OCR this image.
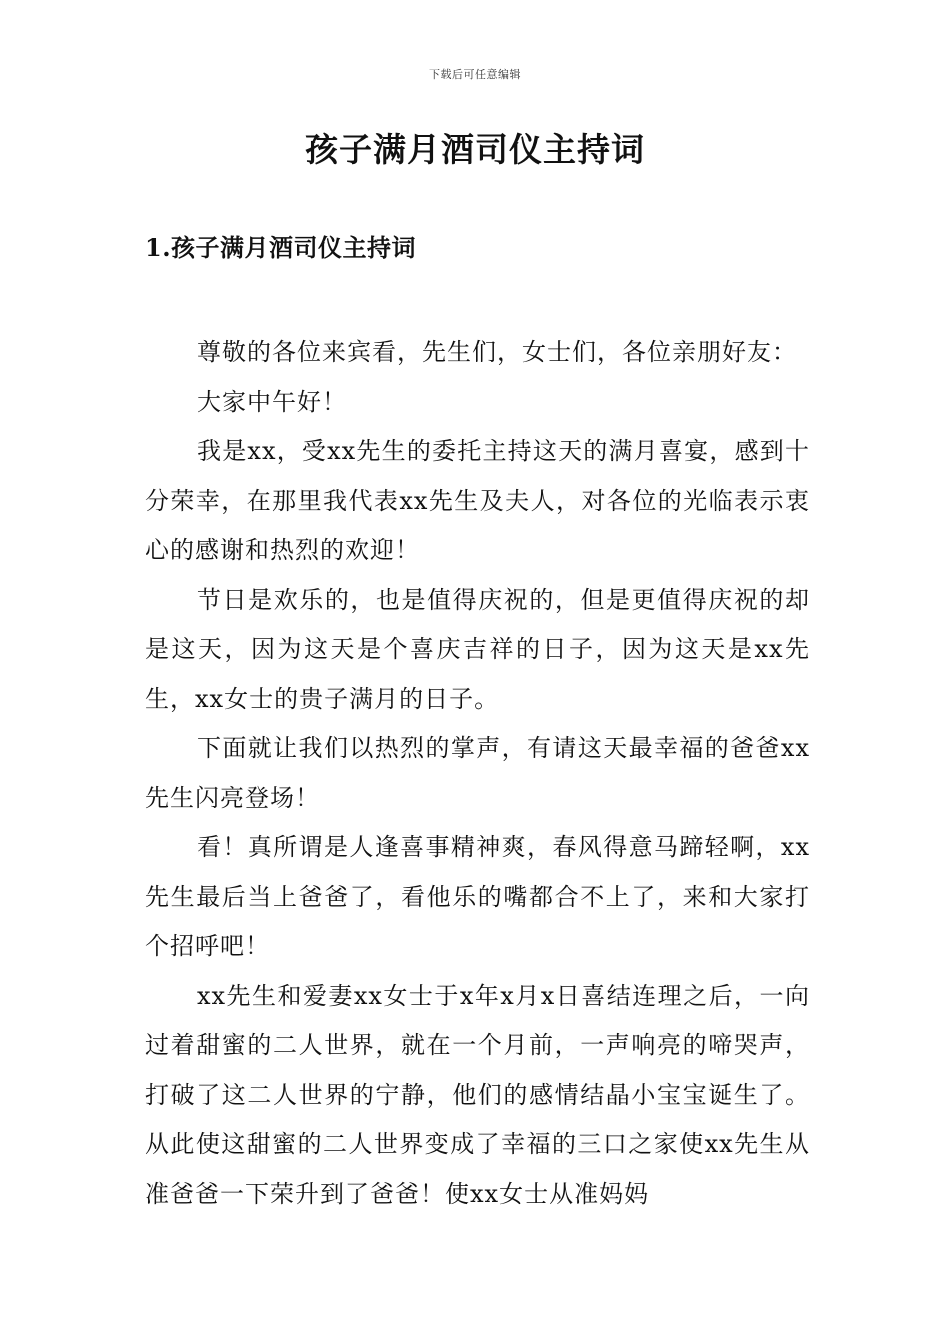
下载后可任意编辑
孩子满月酒司仪主持词
1.孩子满月酒司仪主持词

尊敬的各位来宾看，先生们，女士们，各位亲朋好友：

大家中午好！

我是xx，受xx先生的委托主持这天的满月喜宴，感到十分荣幸，在那里我代表xx先生及夫人，对各位的光临表示衷心的感谢和热烈的欢迎！

节日是欢乐的，也是值得庆祝的，但是更值得庆祝的却是这天，因为这天是个喜庆吉祥的日子，因为这天是xx先生，xx女士的贵子满月的日子。

下面就让我们以热烈的掌声，有请这天最幸福的爸爸xx先生闪亮登场！

看！真所谓是人逢喜事精神爽，春风得意马蹄轻啊，xx先生最后当上爸爸了，看他乐的嘴都合不上了，来和大家打个招呼吧！

xx先生和爱妻xx女士于x年x月x日喜结连理之后，一向过着甜蜜的二人世界，就在一个月前，一声响亮的啼哭声，打破了这二人世界的宁静，他们的感情结晶小宝宝诞生了。从此使这甜蜜的二人世界变成了幸福的三口之家使xx先生从准爸爸一下荣升到了爸爸！使xx女士从准妈妈
